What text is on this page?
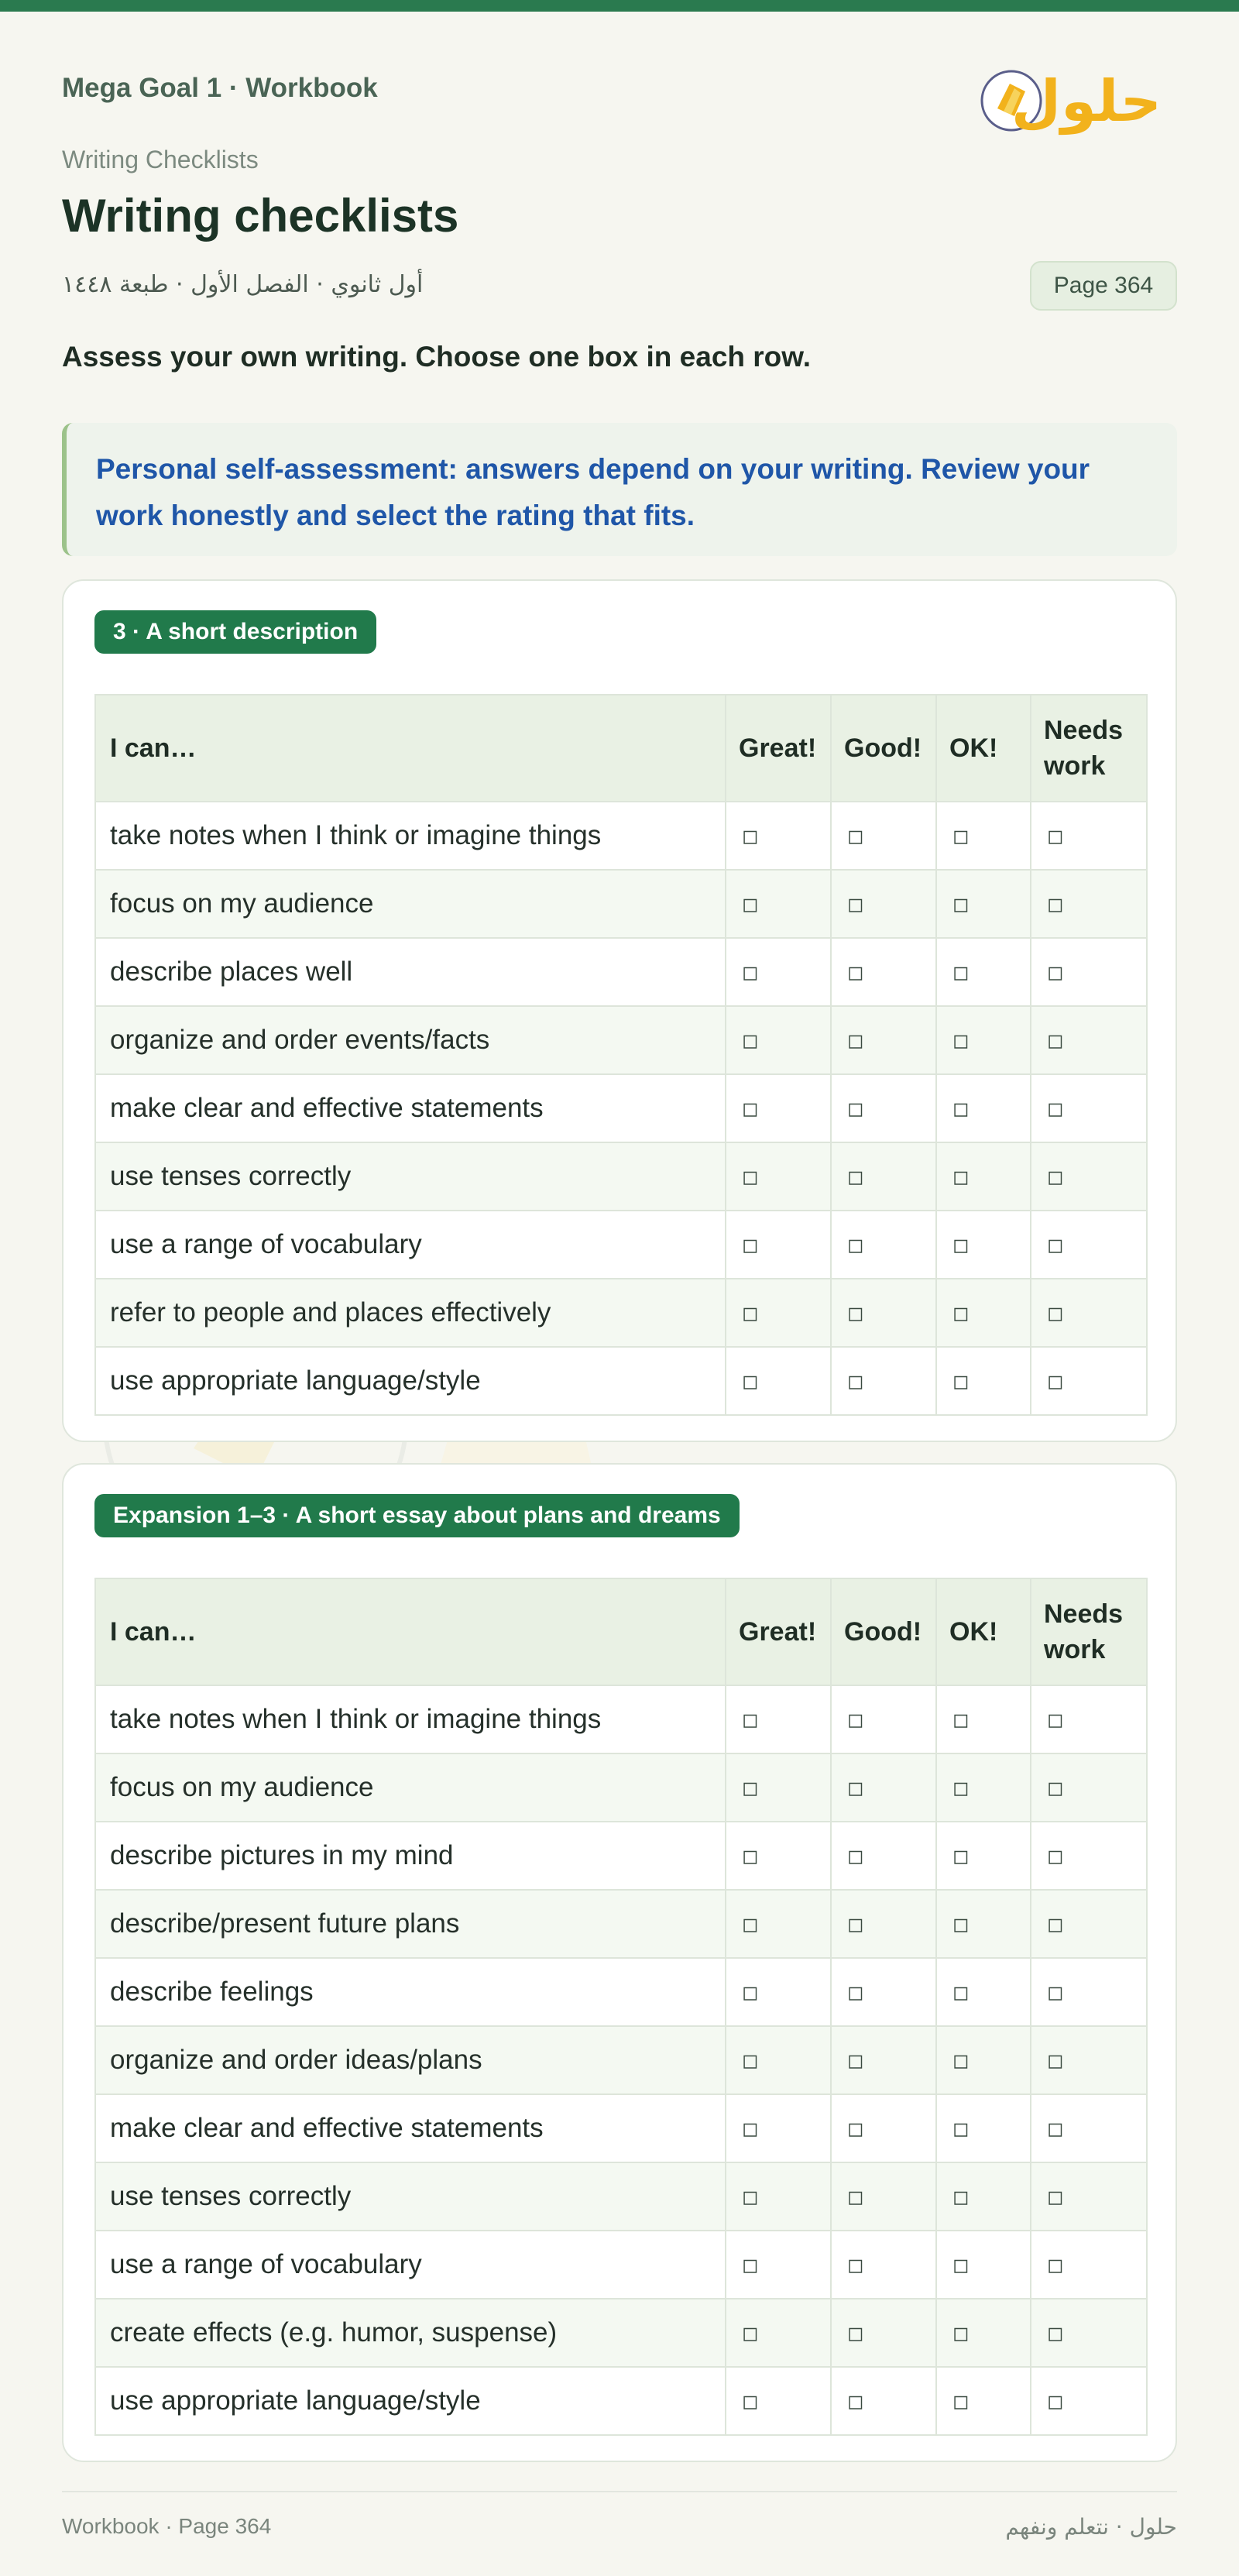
Mega Goal 1 · Workbook	حلول
Writing Checklists
Writing checklists
أول ثانوي · الفصل الأول · طبعة ١٤٤٨	Page 364
Assess your own writing. Choose one box in each row.

Personal self-assessment: answers depend on your writing. Review your work honestly and select the rating that fits.

3 · A short description
I can…	Great!	Good!	OK!	Needs work
take notes when I think or imagine things	◻	◻	◻	◻
focus on my audience	◻	◻	◻	◻
describe places well	◻	◻	◻	◻
organize and order events/facts	◻	◻	◻	◻
make clear and effective statements	◻	◻	◻	◻
use tenses correctly	◻	◻	◻	◻
use a range of vocabulary	◻	◻	◻	◻
refer to people and places effectively	◻	◻	◻	◻
use appropriate language/style	◻	◻	◻	◻
Expansion 1–3 · A short essay about plans and dreams
I can…	Great!	Good!	OK!	Needs work
take notes when I think or imagine things	◻	◻	◻	◻
focus on my audience	◻	◻	◻	◻
describe pictures in my mind	◻	◻	◻	◻
describe/present future plans	◻	◻	◻	◻
describe feelings	◻	◻	◻	◻
organize and order ideas/plans	◻	◻	◻	◻
make clear and effective statements	◻	◻	◻	◻
use tenses correctly	◻	◻	◻	◻
use a range of vocabulary	◻	◻	◻	◻
create effects (e.g. humor, suspense)	◻	◻	◻	◻
use appropriate language/style	◻	◻	◻	◻
Workbook · Page 364	حلول · نتعلم ونفهم
